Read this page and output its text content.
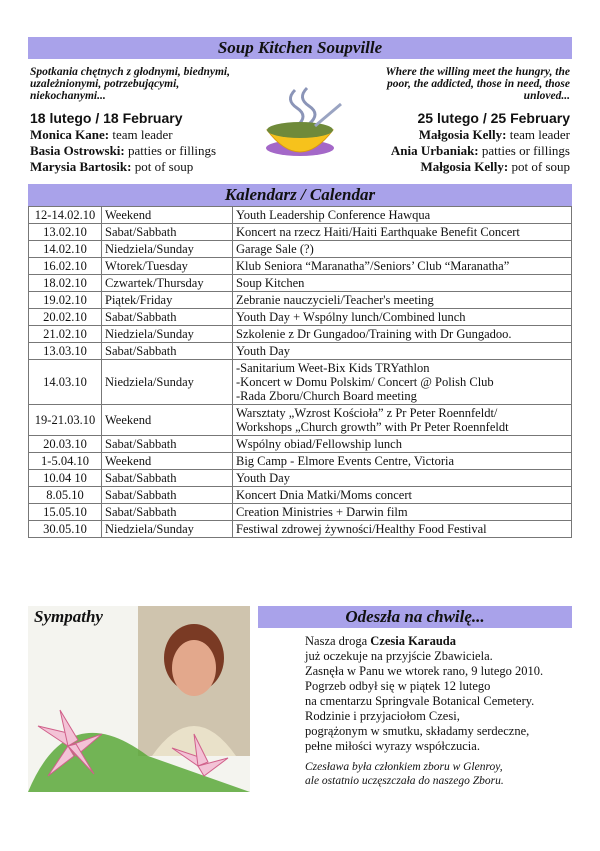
Soup Kitchen Soupville
Spotkania chętnych z głodnymi, biednymi, uzależnionymi, potrzebującymi, niekochanymi...
Where the willing meet the hungry, the poor, the addicted, those in need, those unloved...
18 lutego / 18 February	25 lutego / 25 February
Monica Kane: team leader
Basia Ostrowski: patties or fillings
Marysia Bartosik: pot of soup
Małgosia Kelly: team leader
Ania Urbaniak: patties or fillings
Małgosia Kelly: pot of soup
Kalendarz / Calendar
12-14.02.10	Weekend	Youth Leadership Conference Hawqua
13.02.10	Sabat/Sabbath	Koncert na rzecz Haiti/Haiti Earthquake Benefit Concert
14.02.10	Niedziela/Sunday	Garage Sale (?)
16.02.10	Wtorek/Tuesday	Klub Seniora “Maranatha”/Seniors’ Club “Maranatha”
18.02.10	Czwartek/Thursday	Soup Kitchen
19.02.10	Piątek/Friday	Zebranie nauczycieli/Teacher's meeting
20.02.10	Sabat/Sabbath	Youth Day + Wspólny lunch/Combined lunch
21.02.10	Niedziela/Sunday	Szkolenie z Dr Gungadoo/Training with Dr Gungadoo.
13.03.10	Sabat/Sabbath	Youth Day
14.03.10	Niedziela/Sunday	-Sanitarium Weet-Bix Kids TRYathlon
-Koncert w Domu Polskim/ Concert @ Polish Club
-Rada Zboru/Church Board meeting
19-21.03.10	Weekend	Warsztaty „Wzrost Kościoła” z Pr Peter Roennfeldt/
Workshops „Church growth” with Pr Peter Roennfeldt
20.03.10	Sabat/Sabbath	Wspólny obiad/Fellowship lunch
1-5.04.10	Weekend	Big Camp - Elmore Events Centre, Victoria
10.04 10	Sabat/Sabbath	Youth Day
8.05.10	Sabat/Sabbath	Koncert Dnia Matki/Moms concert
15.05.10	Sabat/Sabbath	Creation Ministries + Darwin film
30.05.10	Niedziela/Sunday	Festiwal zdrowej żywności/Healthy Food Festival
Sympathy	Odeszła na chwilę...

Nasza droga Czesia Karauda

już oczekuje na przyjście Zbawiciela.

Zasnęła w Panu we wtorek rano, 9 lutego 2010.

Pogrzeb odbył się w piątek 12 lutego

na cmentarzu Springvale Botanical Cemetery.

Rodzinie i przyjaciołom Czesi,

pogrążonym w smutku, składamy serdeczne,

pełne miłości wyrazy współczucia.

Czesława była członkiem zboru w Glenroy,
ale ostatnio uczęszczała do naszego Zboru.
